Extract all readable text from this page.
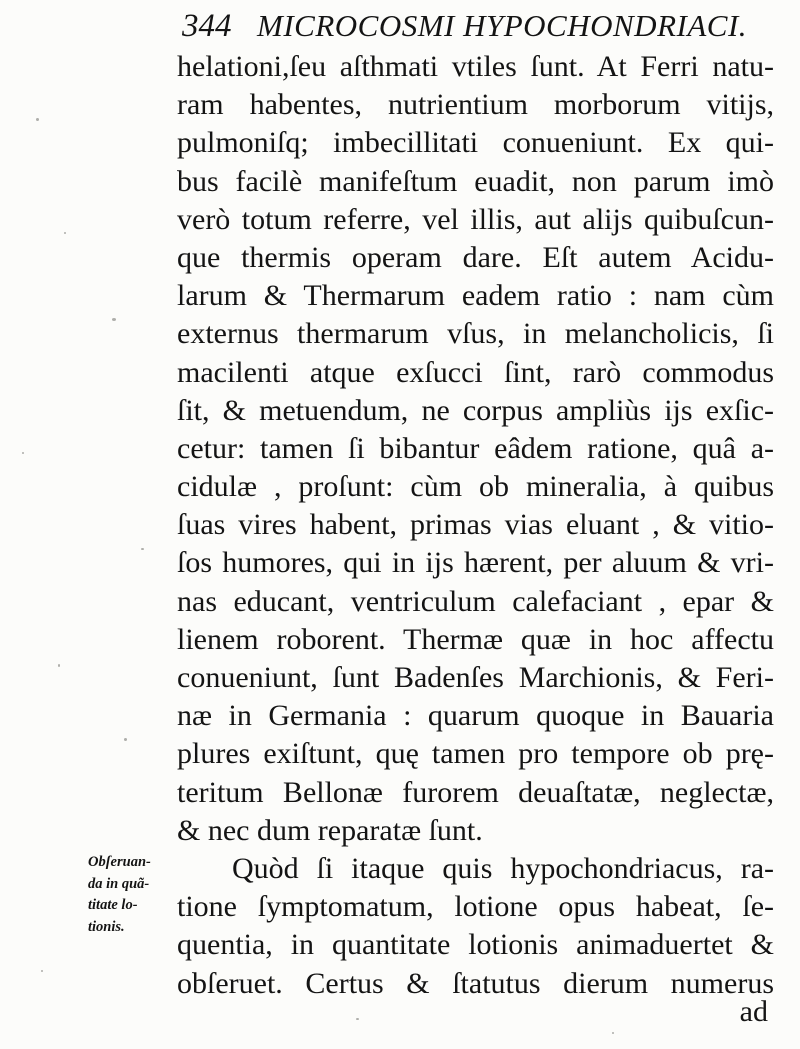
344 MICROCOSMI HYPOCHONDRIACI.
helationi,ſeu aſthmati vtiles ſunt. At Ferri natu-
ram habentes, nutrientium morborum vitijs,
pulmoniſq; imbecillitati conueniunt. Ex qui-
bus facilè manifeſtum euadit, non parum imò
verò totum referre, vel illis, aut alijs quibuſcun-
que thermis operam dare. Eſt autem Acidu-
larum & Thermarum eadem ratio : nam cùm
externus thermarum vſus, in melancholicis, ſi
macilenti atque exſucci ſint, rarò commodus
ſit, & metuendum, ne corpus ampliùs ijs exſic-
cetur: tamen ſi bibantur eâdem ratione, quâ a-
cidulæ , proſunt: cùm ob mineralia, à quibus
ſuas vires habent, primas vias eluant , & vitio-
ſos humores, qui in ijs hærent, per aluum & vri-
nas educant, ventriculum calefaciant , epar &
lienem roborent. Thermæ quæ in hoc affectu
conueniunt, ſunt Badenſes Marchionis, & Feri-
næ in Germania : quarum quoque in Bauaria
plures exiſtunt, quę tamen pro tempore ob prę-
teritum Bellonæ furorem deuaſtatæ, neglectæ,
& nec dum reparatæ ſunt.
Quòd ſi itaque quis hypochondriacus, ra-
tione ſymptomatum, lotione opus habeat, ſe-
quentia, in quantitate lotionis animaduertet &
obſeruet. Certus & ſtatutus dierum numerus
Obſeruan-
da in quã-
titate lo-
tionis.
ad
